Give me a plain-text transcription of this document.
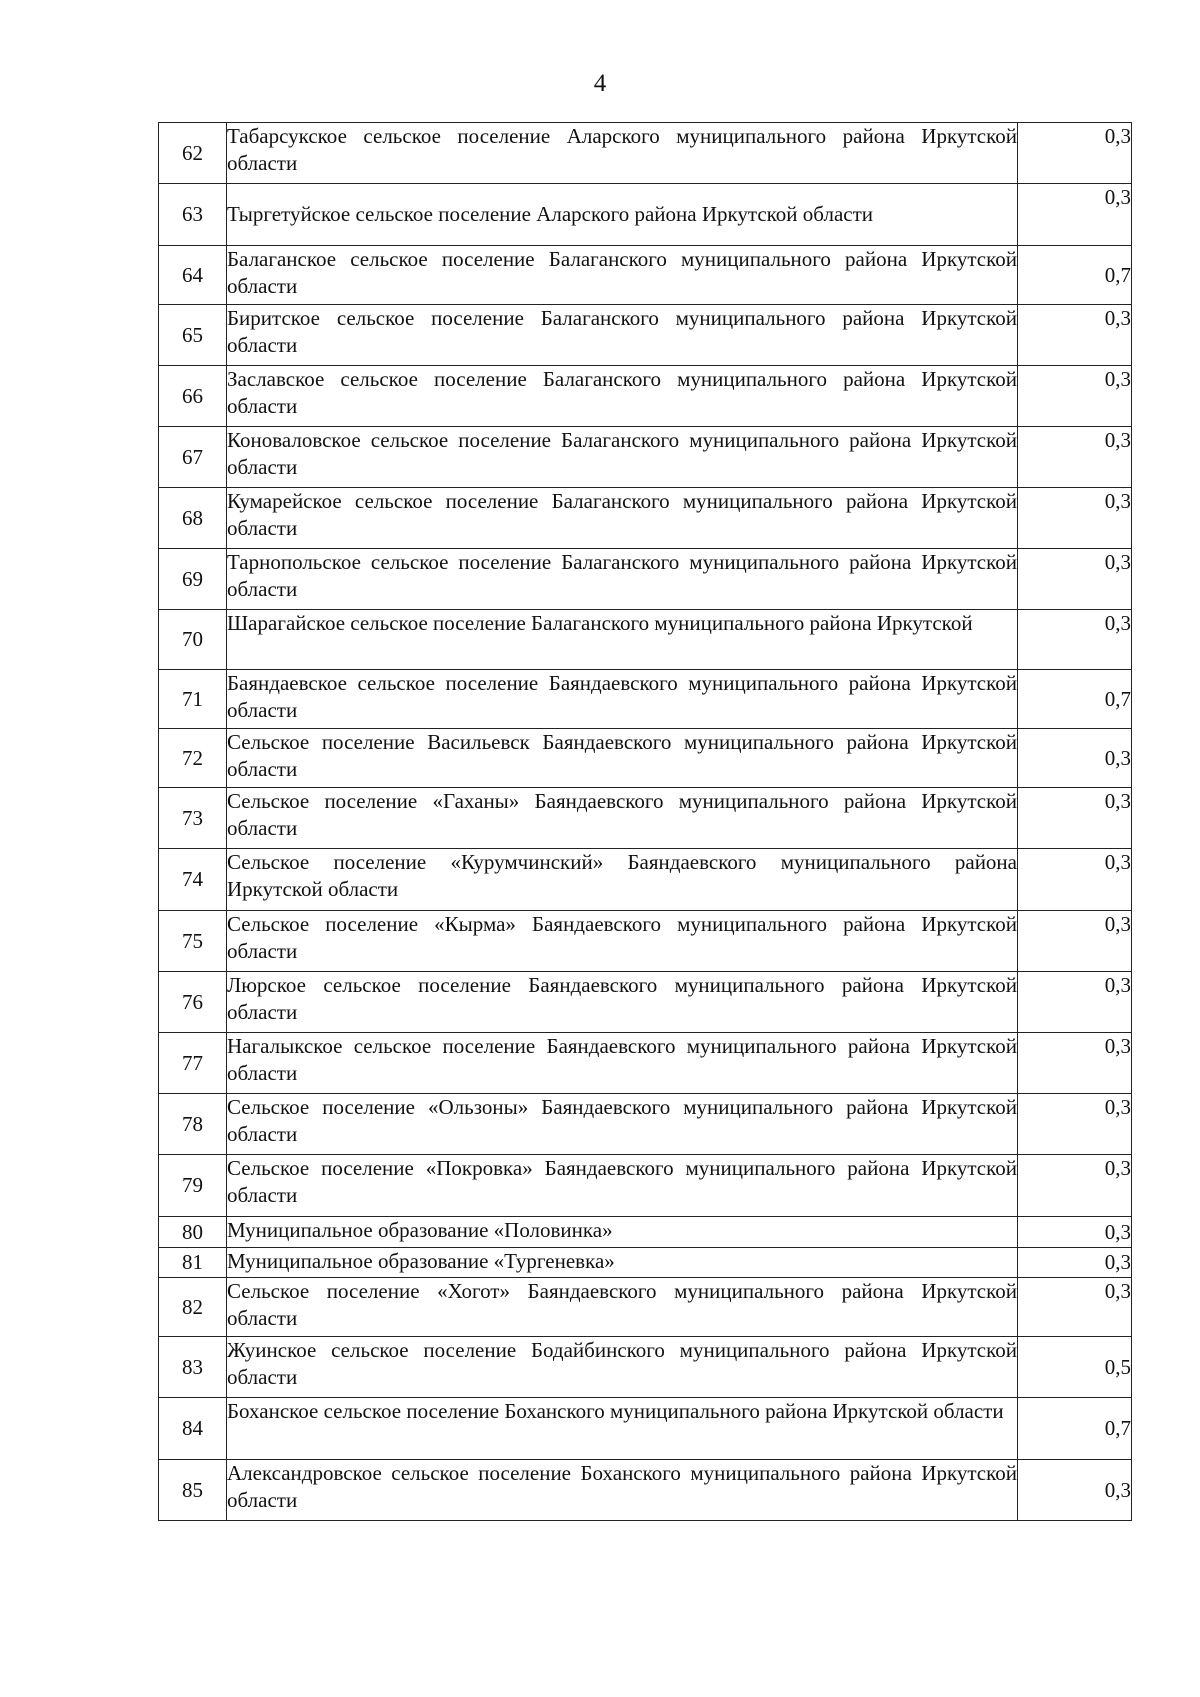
4
62	Табарсукское сельское поселение Аларского муниципального района Иркутской области	0,3
63	Тыргетуйское сельское поселение Аларского района Иркутской области	0,3
64	Балаганское сельское поселение Балаганского муниципального района Иркутской области	0,7
65	Биритское сельское поселение Балаганского муниципального района Иркутской области	0,3
66	Заславское сельское поселение Балаганского муниципального района Иркутской области	0,3
67	Коноваловское сельское поселение Балаганского муниципального района Иркутской области	0,3
68	Кумарейское сельское поселение Балаганского муниципального района Иркутской области	0,3
69	Тарнопольское сельское поселение Балаганского муниципального района Иркутской области	0,3
70	Шарагайское сельское поселение Балаганского муниципального района Иркутской	0,3
71	Баяндаевское сельское поселение Баяндаевского муниципального района Иркутской области	0,7
72	Сельское поселение Васильевск Баяндаевского муниципального района Иркутской области	0,3
73	Сельское поселение «Гаханы» Баяндаевского муниципального района Иркутской области	0,3
74	Сельское поселение «Курумчинский» Баяндаевского муниципального района Иркутской области	0,3
75	Сельское поселение «Кырма» Баяндаевского муниципального района Иркутской области	0,3
76	Люрское сельское поселение Баяндаевского муниципального района Иркутской области	0,3
77	Нагалыкское сельское поселение Баяндаевского муниципального района Иркутской области	0,3
78	Сельское поселение «Ользоны» Баяндаевского муниципального района Иркутской области	0,3
79	Сельское поселение «Покровка» Баяндаевского муниципального района Иркутской области	0,3
80	Муниципальное образование «Половинка»	0,3
81	Муниципальное образование «Тургеневка»	0,3
82	Сельское поселение «Хогот» Баяндаевского муниципального района Иркутской области	0,3
83	Жуинское сельское поселение Бодайбинского муниципального района Иркутской области	0,5
84	Боханское сельское поселение Боханского муниципального района Иркутской области	0,7
85	Александровское сельское поселение Боханского муниципального района Иркутской области	0,3
